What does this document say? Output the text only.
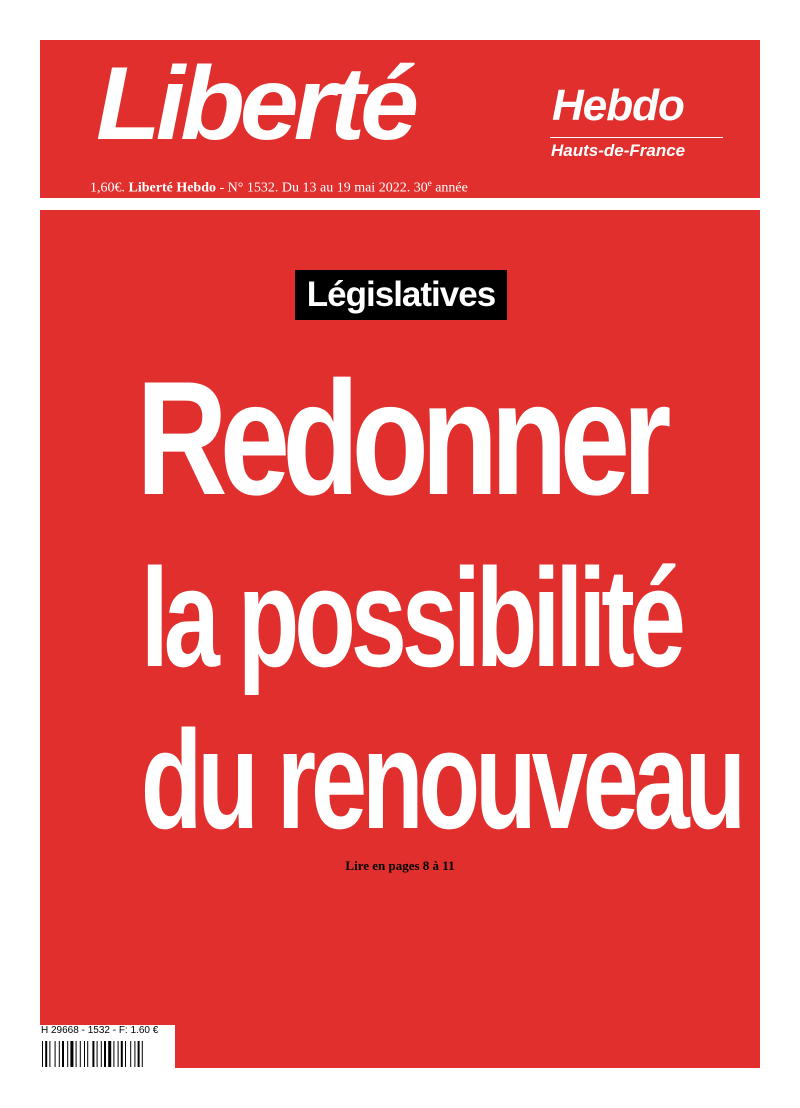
Liberté	Hebdo
Hauts-de-France
1,60€. Liberté Hebdo - N° 1532. Du 13 au 19 mai 2022. 30e année
Législatives
Redonner
la possibilité
du renouveau
Lire en pages 8 à 11
H 29668 - 1532 - F: 1.60 €
